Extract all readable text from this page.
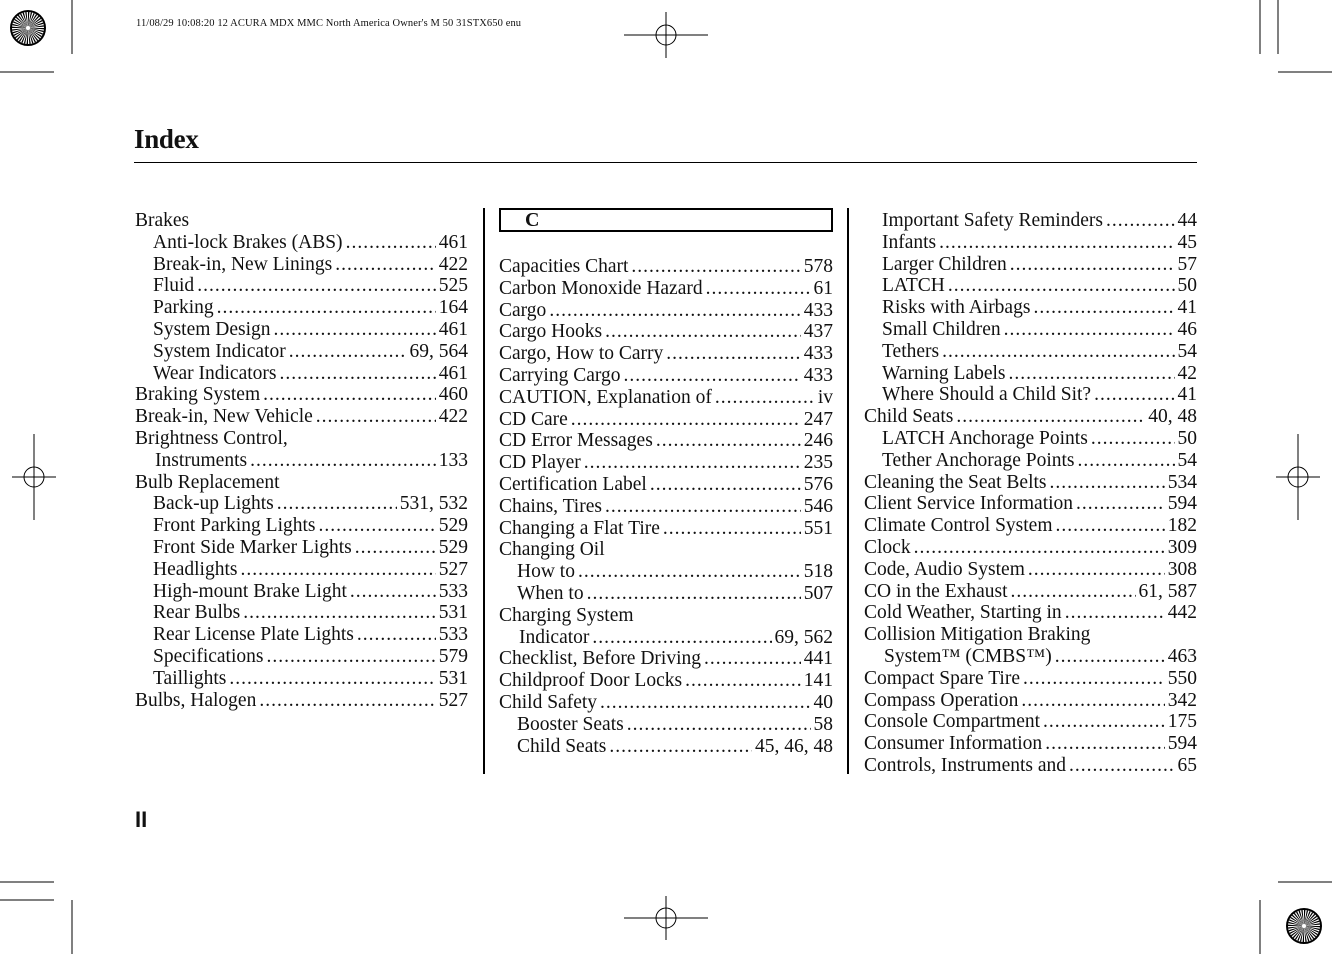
11/08/29 10:08:20 12 ACURA MDX MMC North America Owner's M 50 31STX650 enu
Index
Brakes
Anti-lock Brakes (ABS) .....	461
Break-in, New Linings .....	422
Fluid .....	525
Parking .....	164
System Design .....	461
System Indicator .....	69, 564
Wear Indicators .....	461
Braking System .....	460
Break-in, New Vehicle .....	422
Brightness Control,
Instruments .....	133
Bulb Replacement
Back-up Lights .....	531, 532
Front Parking Lights .....	529
Front Side Marker Lights .....	529
Headlights .....	527
High-mount Brake Light .....	533
Rear Bulbs .....	531
Rear License Plate Lights .....	533
Specifications .....	579
Taillights .....	531
Bulbs, Halogen .....	527
C
Capacities Chart .....	578
Carbon Monoxide Hazard .....	61
Cargo .....	433
Cargo Hooks .....	437
Cargo, How to Carry .....	433
Carrying Cargo .....	433
CAUTION, Explanation of .....	iv
CD Care .....	247
CD Error Messages .....	246
CD Player .....	235
Certification Label .....	576
Chains, Tires .....	546
Changing a Flat Tire .....	551
Changing Oil
How to .....	518
When to .....	507
Charging System
Indicator .....	69, 562
Checklist, Before Driving .....	441
Childproof Door Locks .....	141
Child Safety .....	40
Booster Seats .....	58
Child Seats .....	45, 46, 48
Important Safety Reminders .....	44
Infants .....	45
Larger Children .....	57
LATCH .....	50
Risks with Airbags .....	41
Small Children .....	46
Tethers .....	54
Warning Labels .....	42
Where Should a Child Sit? .....	41
Child Seats .....	40, 48
LATCH Anchorage Points .....	50
Tether Anchorage Points .....	54
Cleaning the Seat Belts .....	534
Client Service Information .....	594
Climate Control System .....	182
Clock .....	309
Code, Audio System .....	308
CO in the Exhaust .....	61, 587
Cold Weather, Starting in .....	442
Collision Mitigation Braking
System™ (CMBS™) .....	463
Compact Spare Tire .....	550
Compass Operation .....	342
Console Compartment .....	175
Consumer Information .....	594
Controls, Instruments and .....	65
II
